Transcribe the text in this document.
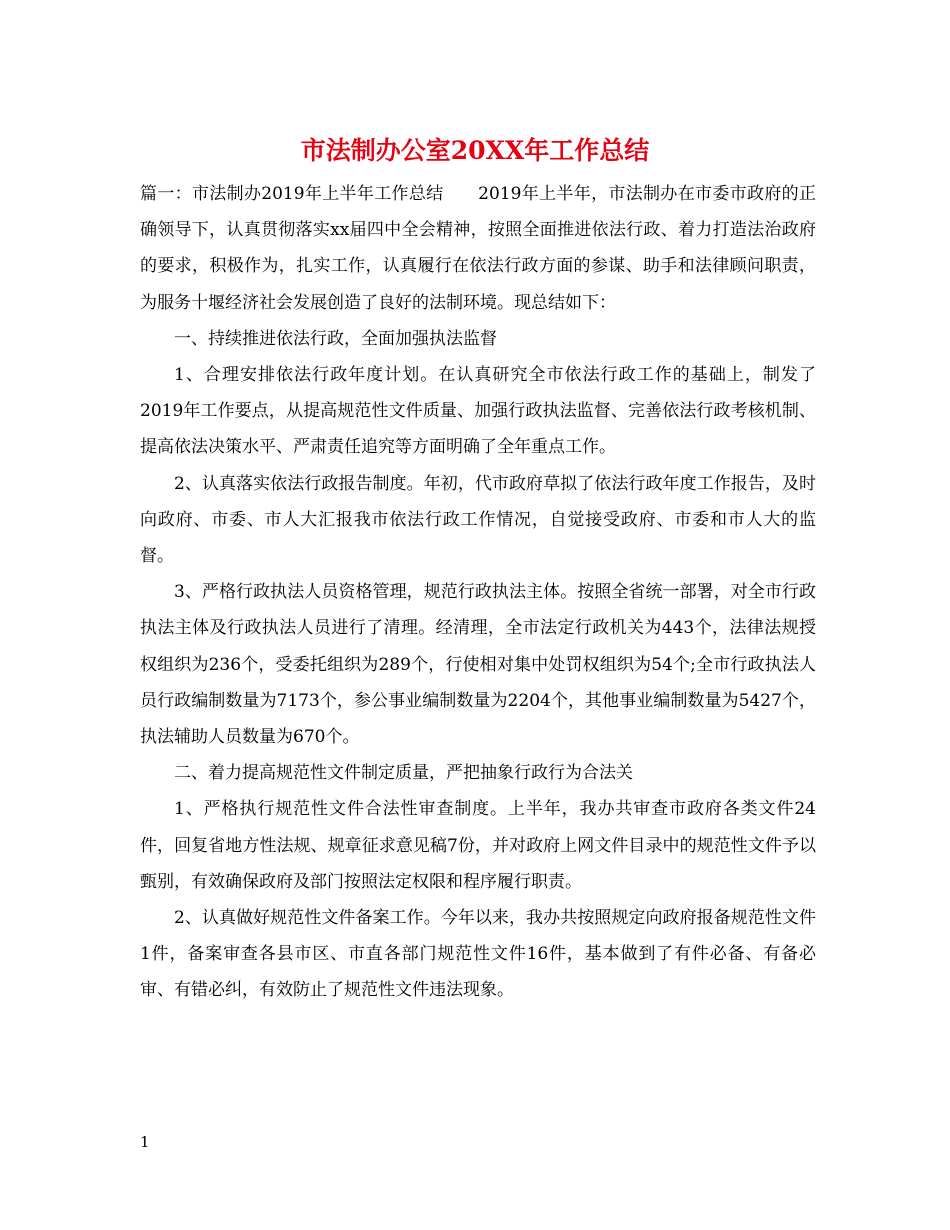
市法制办公室20XX年工作总结

篇一：市法制办2019年上半年工作总结　　2019年上半年，市法制办在市委市政府的正确领导下，认真贯彻落实xx届四中全会精神，按照全面推进依法行政、着力打造法治政府的要求，积极作为，扎实工作，认真履行在依法行政方面的参谋、助手和法律顾问职责，为服务十堰经济社会发展创造了良好的法制环境。现总结如下：

一、持续推进依法行政，全面加强执法监督

1、合理安排依法行政年度计划。在认真研究全市依法行政工作的基础上，制发了2019年工作要点，从提高规范性文件质量、加强行政执法监督、完善依法行政考核机制、提高依法决策水平、严肃责任追究等方面明确了全年重点工作。

2、认真落实依法行政报告制度。年初，代市政府草拟了依法行政年度工作报告，及时向政府、市委、市人大汇报我市依法行政工作情况，自觉接受政府、市委和市人大的监督。

3、严格行政执法人员资格管理，规范行政执法主体。按照全省统一部署，对全市行政执法主体及行政执法人员进行了清理。经清理，全市法定行政机关为443个，法律法规授权组织为236个，受委托组织为289个，行使相对集中处罚权组织为54个;全市行政执法人员行政编制数量为7173个，参公事业编制数量为2204个，其他事业编制数量为5427个，执法辅助人员数量为670个。

二、着力提高规范性文件制定质量，严把抽象行政行为合法关

1、严格执行规范性文件合法性审查制度。上半年，我办共审查市政府各类文件24件，回复省地方性法规、规章征求意见稿7份，并对政府上网文件目录中的规范性文件予以甄别，有效确保政府及部门按照法定权限和程序履行职责。

2、认真做好规范性文件备案工作。今年以来，我办共按照规定向政府报备规范性文件1件，备案审查各县市区、市直各部门规范性文件16件，基本做到了有件必备、有备必审、有错必纠，有效防止了规范性文件违法现象。

1
